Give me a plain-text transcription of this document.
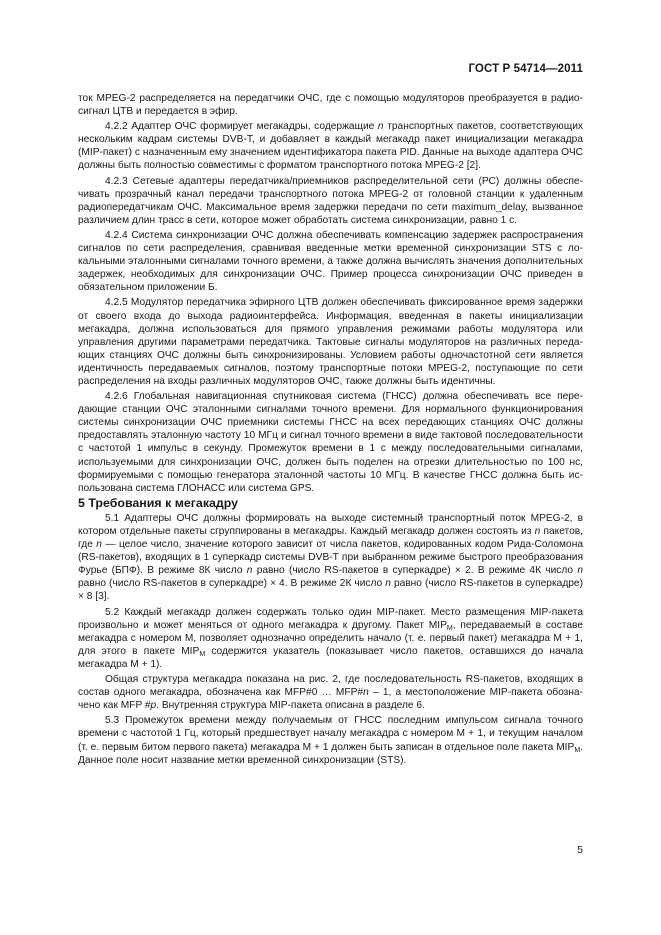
ГОСТ Р 54714—2011

ток MPEG-2 распределяется на передатчики ОЧС, где с помощью модуляторов преобразуется в радиосигнал ЦТВ и передается в эфир.

4.2.2 Адаптер ОЧС формирует мегакадры, содержащие n транспортных пакетов, соответствующих нескольким кадрам системы DVB-T, и добавляет в каждый мегакадр пакет инициализации мегакадра (MIP-пакет) с назначенным ему значением идентификатора пакета PID. Данные на выходе адаптера ОЧС должны быть полностью совместимы с форматом транспортного потока MPEG-2 [2].

4.2.3 Сетевые адаптеры передатчика/приемников распределительной сети (РС) должны обеспечивать прозрачный канал передачи транспортного потока MPEG-2 от головной станции к удаленным радиопередатчикам ОЧС. Максимальное время задержки передачи по сети maximum_delay, вызванное различием длин трасс в сети, которое может обработать система синхронизации, равно 1 с.

4.2.4 Система синхронизации ОЧС должна обеспечивать компенсацию задержек распространения сигналов по сети распределения, сравнивая введенные метки временной синхронизации STS с локальными эталонными сигналами точного времени, а также должна вычислять значения дополнительных задержек, необходимых для синхронизации ОЧС. Пример процесса синхронизации ОЧС приведен в обязательном приложении Б.

4.2.5 Модулятор передатчика эфирного ЦТВ должен обеспечивать фиксированное время задержки от своего входа до выхода радиоинтерфейса. Информация, введенная в пакеты инициализации мегакадра, должна использоваться для прямого управления режимами работы модулятора или управления другими параметрами передатчика. Тактовые сигналы модуляторов на различных передающих станциях ОЧС должны быть синхронизированы. Условием работы одночастотной сети является идентичность передаваемых сигналов, поэтому транспортные потоки MPEG-2, поступающие по сети распределения на входы различных модуляторов ОЧС, также должны быть идентичны.

4.2.6 Глобальная навигационная спутниковая система (ГНСС) должна обеспечивать все передающие станции ОЧС эталонными сигналами точного времени. Для нормального функционирования системы синхронизации ОЧС приемники системы ГНСС на всех передающих станциях ОЧС должны предоставлять эталонную частоту 10 МГц и сигнал точного времени в виде тактовой последовательности с частотой 1 импульс в секунду. Промежуток времени в 1 с между последовательными сигналами, используемыми для синхронизации ОЧС, должен быть поделен на отрезки длительностью по 100 нс, формируемыми с помощью генератора эталонной частоты 10 МГц. В качестве ГНСС должна быть использована система ГЛОНАСС или система GPS.

5 Требования к мегакадру

5.1 Адаптеры ОЧС должны формировать на выходе системный транспортный поток MPEG-2, в котором отдельные пакеты сгруппированы в мегакадры. Каждый мегакадр должен состоять из n пакетов, где n — целое число, значение которого зависит от числа пакетов, кодированных кодом Рида-Соломона (RS-пакетов), входящих в 1 суперкадр системы DVB-T при выбранном режиме быстрого преобразования Фурье (БПФ). В режиме 8К число n равно (число RS-пакетов в суперкадре) × 2. В режиме 4К число n равно (число RS-пакетов в суперкадре) × 4. В режиме 2К число n равно (число RS-пакетов в суперкадре) × 8 [3].

5.2 Каждый мегакадр должен содержать только один MIP-пакет. Место размещения MIP-пакета произвольно и может меняться от одного мегакадра к другому. Пакет $MIP_M$, передаваемый в составе мегакадра с номером М, позволяет однозначно определить начало (т. е. первый пакет) мегакадра М + 1, для этого в пакете $MIP_M$ содержится указатель (показывает число пакетов, оставшихся до начала мегакадра М + 1).

Общая структура мегакадра показана на рис. 2, где последовательность RS-пакетов, входящих в состав одного мегакадра, обозначена как MFP#0 … MFP#n – 1, а местоположение MIP-пакета обозначено как MFP #p. Внутренняя структура MIP-пакета описана в разделе 6.

5.3 Промежуток времени между получаемым от ГНСС последним импульсом сигнала точного времени с частотой 1 Гц, который предшествует началу мегакадра с номером М + 1, и текущим началом (т. е. первым битом первого пакета) мегакадра М + 1 должен быть записан в отдельное поле пакета $MIP_M$. Данное поле носит название метки временной синхронизации (STS).

5
